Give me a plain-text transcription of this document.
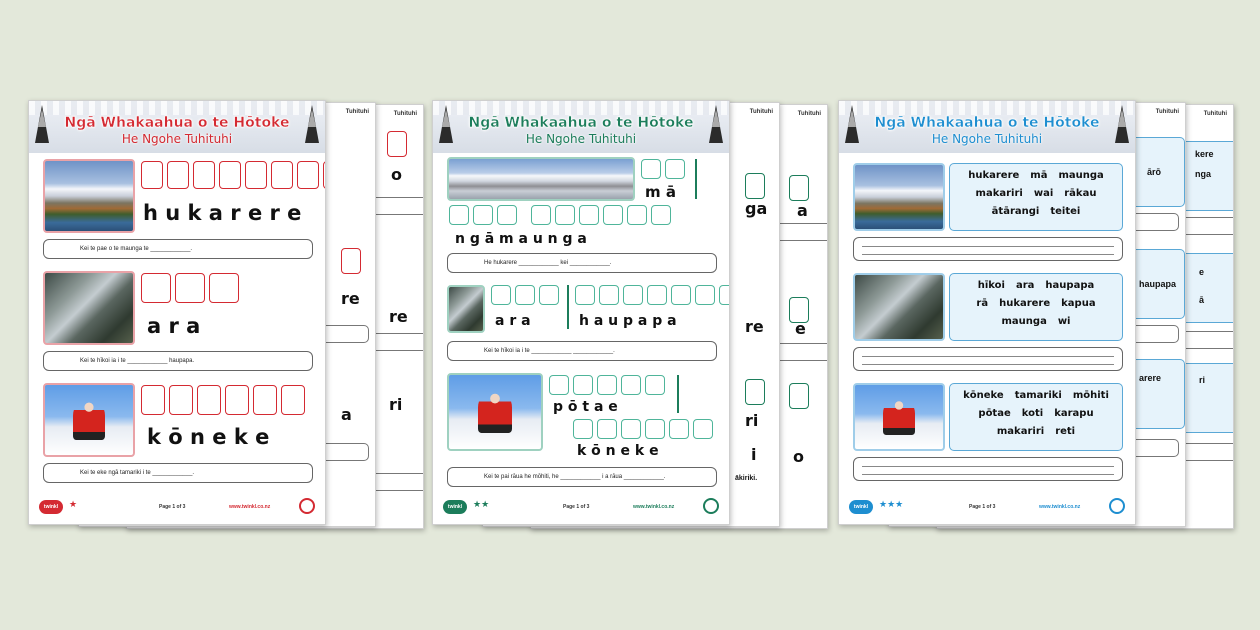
Tuhituhi
o
re
ri
Tuhituhi
re
a
Ngā Whakaahua o te Hōtoke
He Ngohe Tuhituhi
h u k a r e r e
Kei te pae o te maunga te ____________.
a r a
Kei te hīkoi ia i te ____________ haupapa.
k ō n e k e
Kei te eke ngā tamariki i te ____________.
twinkl	★	Page 1 of 3	www.twinkl.co.nz
Tuhituhi
a
e
o
Tuhituhi
ga
re
ri
i
ākiriki.
Ngā Whakaahua o te Hōtoke
He Ngohe Tuhituhi
m ā
n g ā m a u n g a
He hukarere ____________ kei ____________.
a r a	h a u p a p a
Kei te hīkoi ia i te ____________ ____________.
p ō t a e
k ō n e k e
Kei te pai rāua he mōhiti, he ____________ i a rāua ____________.
twinkl	★★	Page 1 of 3	www.twinkl.co.nz
Tuhituhi
kere
nga
e
ā
ri
Tuhituhi
ārō
haupapa
arere
Ngā Whakaahua o te Hōtoke
He Ngohe Tuhituhi
hukarere mā maunga
makariri wai rākau
ātārangi teitei
hīkoi ara haupapa
rā hukarere kapua
maunga wi
kōneke tamariki mōhiti
pōtae koti karapu
makariri reti
twinkl	★★★	Page 1 of 3	www.twinkl.co.nz
